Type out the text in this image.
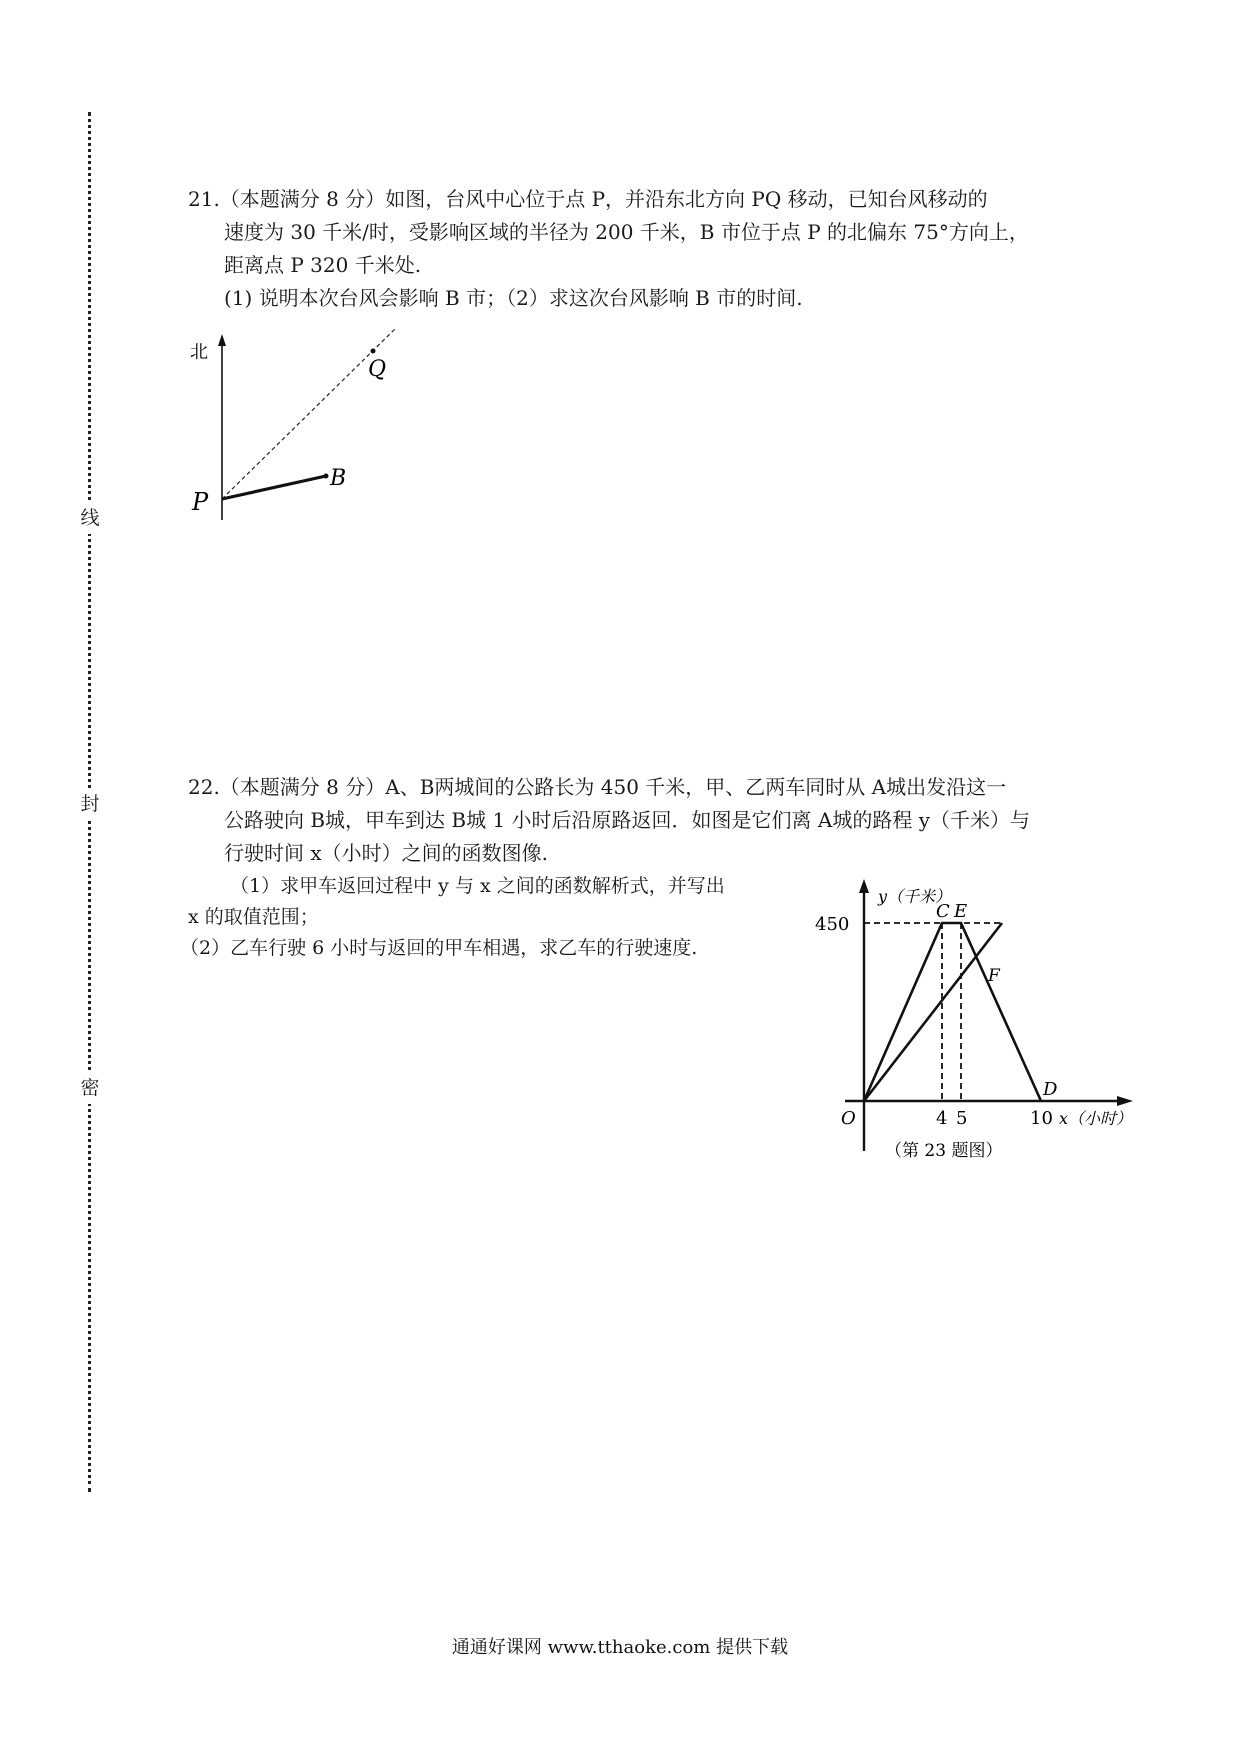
线
封
密
21.（本题满分 8 分）如图，台风中心位于点 P，并沿东北方向 PQ 移动，已知台风移动的
速度为 30 千米/时，受影响区域的半径为 200 千米，B 市位于点 P 的北偏东 75°方向上，
距离点 P 320 千米处.
(1) 说明本次台风会影响 B 市；（2）求这次台风影响 B 市的时间.
北
Q
B
P
22.（本题满分 8 分）A、B两城间的公路长为 450 千米，甲、乙两车同时从 A城出发沿这一
公路驶向 B城，甲车到达 B城 1 小时后沿原路返回．如图是它们离 A城的路程 y（千米）与
行驶时间 x（小时）之间的函数图像.
（1）求甲车返回过程中 y 与 x 之间的函数解析式，并写出
x 的取值范围；
（2）乙车行驶 6 小时与返回的甲车相遇，求乙车的行驶速度.
y（千米）
450
C E
F
D
O	4 5	10 x（小时）
（第 23 题图）
通通好课网 www.tthaoke.com 提供下载
